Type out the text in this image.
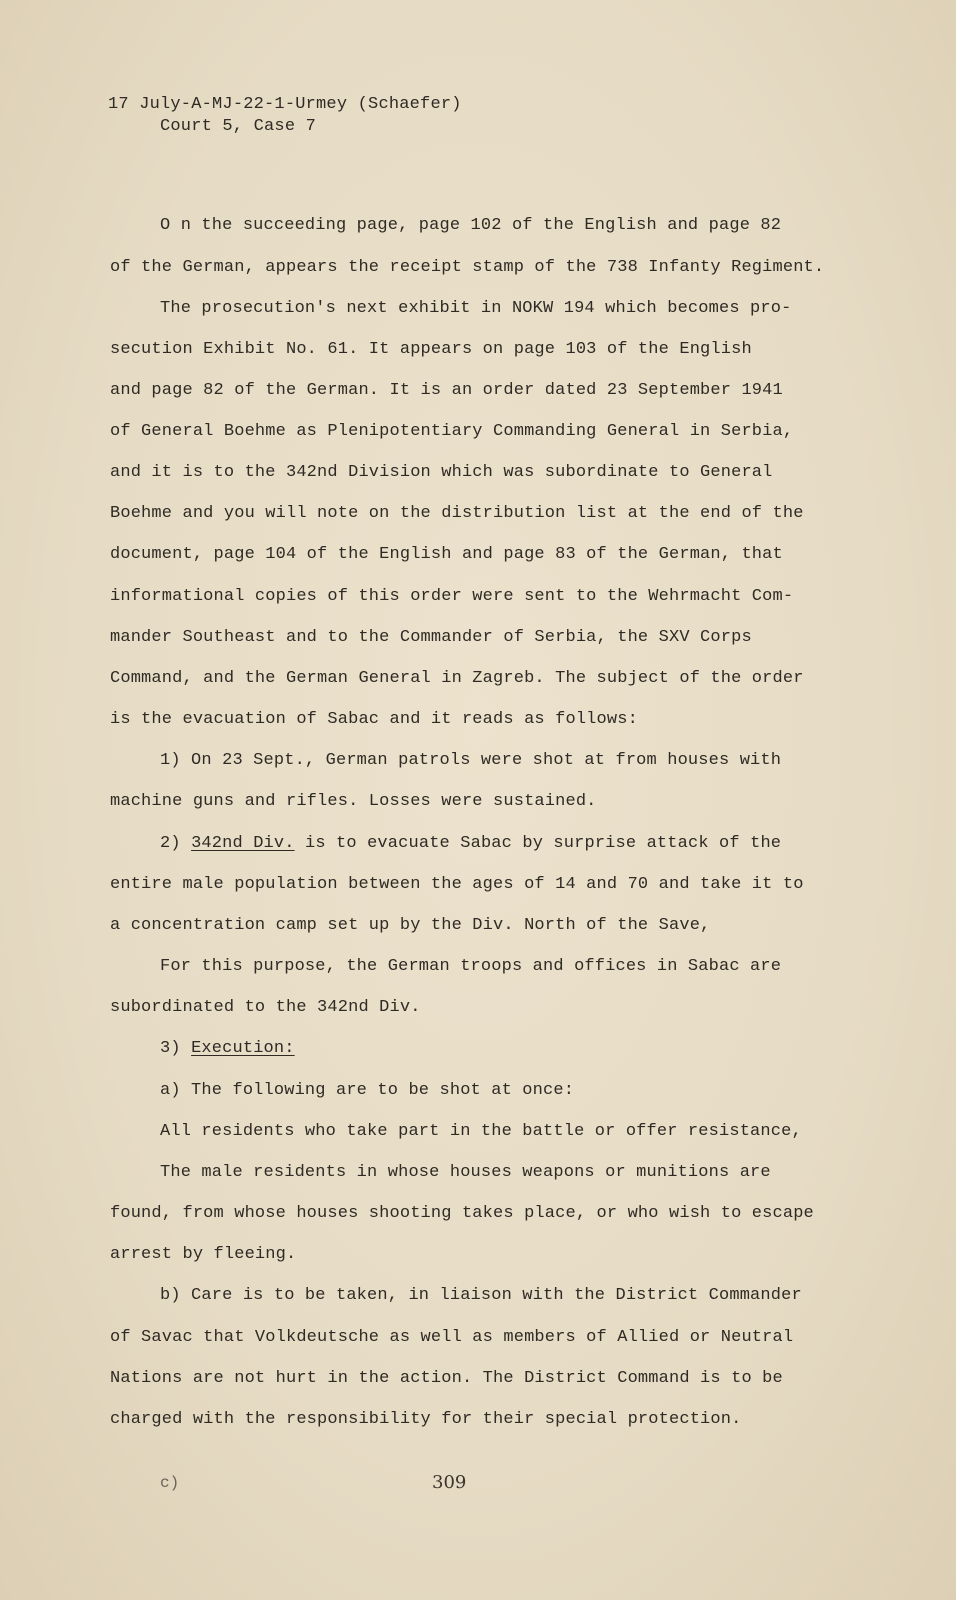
17 July-A-MJ-22-1-Urmey (Schaefer)
Court 5, Case 7
O n the succeeding page, page 102 of the English and page 82
of the German, appears the receipt stamp of the 738 Infanty Regiment.
The prosecution's next exhibit in NOKW 194 which becomes pro-
secution Exhibit No. 61. It appears on page 103 of the English
and page 82 of the German. It is an order dated 23 September 1941
of General Boehme as Plenipotentiary Commanding General in Serbia,
and it is to the 342nd Division which was subordinate to General
Boehme and you will note on the distribution list at the end of the
document, page 104 of the English and page 83 of the German, that
informational copies of this order were sent to the Wehrmacht Com-
mander Southeast and to the Commander of Serbia, the SXV Corps
Command, and the German General in Zagreb. The subject of the order
is the evacuation of Sabac and it reads as follows:
1) On 23 Sept., German patrols were shot at from houses with
machine guns and rifles. Losses were sustained.
2) 342nd Div. is to evacuate Sabac by surprise attack of the
entire male population between the ages of 14 and 70 and take it to
a concentration camp set up by the Div. North of the Save,
For this purpose, the German troops and offices in Sabac are
subordinated to the 342nd Div.
3) Execution:
a) The following are to be shot at once:
All residents who take part in the battle or offer resistance,
The male residents in whose houses weapons or munitions are
found, from whose houses shooting takes place, or who wish to escape
arrest by fleeing.
b) Care is to be taken, in liaison with the District Commander
of Savac that Volkdeutsche as well as members of Allied or Neutral
Nations are not hurt in the action. The District Command is to be
charged with the responsibility for their special protection.
c)	309
